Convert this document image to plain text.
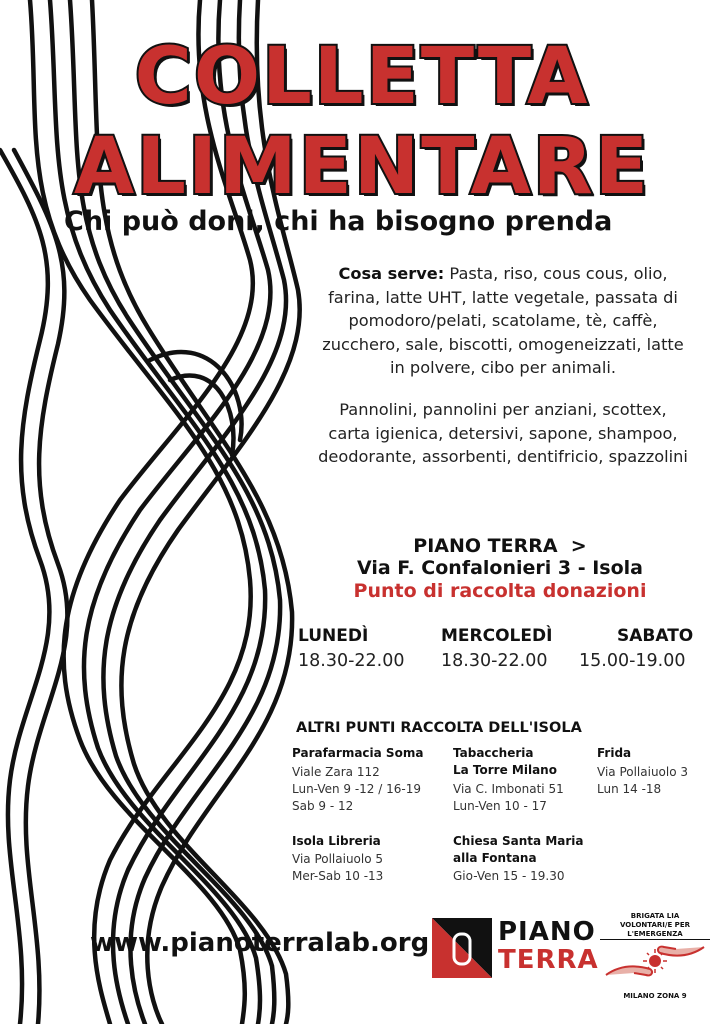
COLLETTA
ALIMENTARE
Chi può doni, chi ha bisogno prenda
Cosa serve: Pasta, riso, cous cous, olio, farina, latte UHT, latte vegetale, passata di pomodoro/pelati, scatolame, tè, caffè, zucchero, sale, biscotti, omogeneizzati, latte in polvere, cibo per animali.
Pannolini, pannolini per anziani, scottex, carta igienica, detersivi, sapone, shampoo, deodorante, assorbenti, dentifricio, spazzolini
PIANO TERRA >
Via F. Confalonieri 3 - Isola
Punto di raccolta donazioni
LUNEDÌ
18.30-22.00
MERCOLEDÌ
18.30-22.00
SABATO
15.00-19.00
ALTRI PUNTI RACCOLTA DELL'ISOLA
Parafarmacia Soma
Viale Zara 112
Lun-Ven 9 -12 / 16-19
Sab 9 - 12
Tabaccheria
La Torre Milano
Via C. Imbonati 51
Lun-Ven 10 - 17
Frida
Via Pollaiuolo 3
Lun 14 -18
Isola Libreria
Via Pollaiuolo 5
Mer-Sab 10 -13
Chiesa Santa Maria
alla Fontana
Gio-Ven 15 - 19.30
www.pianoterralab.org	PIANO
TERRA
BRIGATA LIA
VOLONTARI/E PER L'EMERGENZA
MILANO ZONA 9
